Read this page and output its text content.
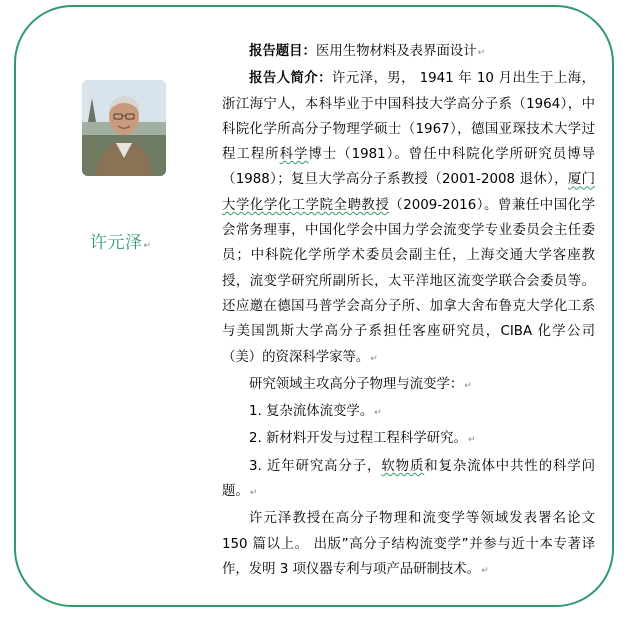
许元泽↵

报告题目：医用生物材料及表界面设计↵

报告人简介：许元泽，男， 1941 年 10 月出生于上海，浙江海宁人，本科毕业于中国科技大学高分子系（1964），中科院化学所高分子物理学硕士（1967），德国亚琛技术大学过程工程所科学博士（1981）。曾任中科院化学所研究员博导（1988）；复旦大学高分子系教授（2001-2008 退休），厦门大学化学化工学院全聘教授（2009-2016）。曾兼任中国化学会常务理事，中国化学会中国力学会流变学专业委员会主任委员；中科院化学所学术委员会副主任，上海交通大学客座教授，流变学研究所副所长，太平洋地区流变学联合会委员等。还应邀在德国马普学会高分子所、加拿大舍布鲁克大学化工系与美国凯斯大学高分子系担任客座研究员，CIBA 化学公司（美）的资深科学家等。↵

研究领域主攻高分子物理与流变学：↵

1. 复杂流体流变学。↵

2. 新材料开发与过程工程科学研究。↵

3. 近年研究高分子，软物质和复杂流体中共性的科学问题。↵

许元泽教授在高分子物理和流变学等领域发表署名论文 150 篇以上。 出版”高分子结构流变学”并参与近十本专著译作，发明 3 项仪器专利与项产品研制技术。↵
